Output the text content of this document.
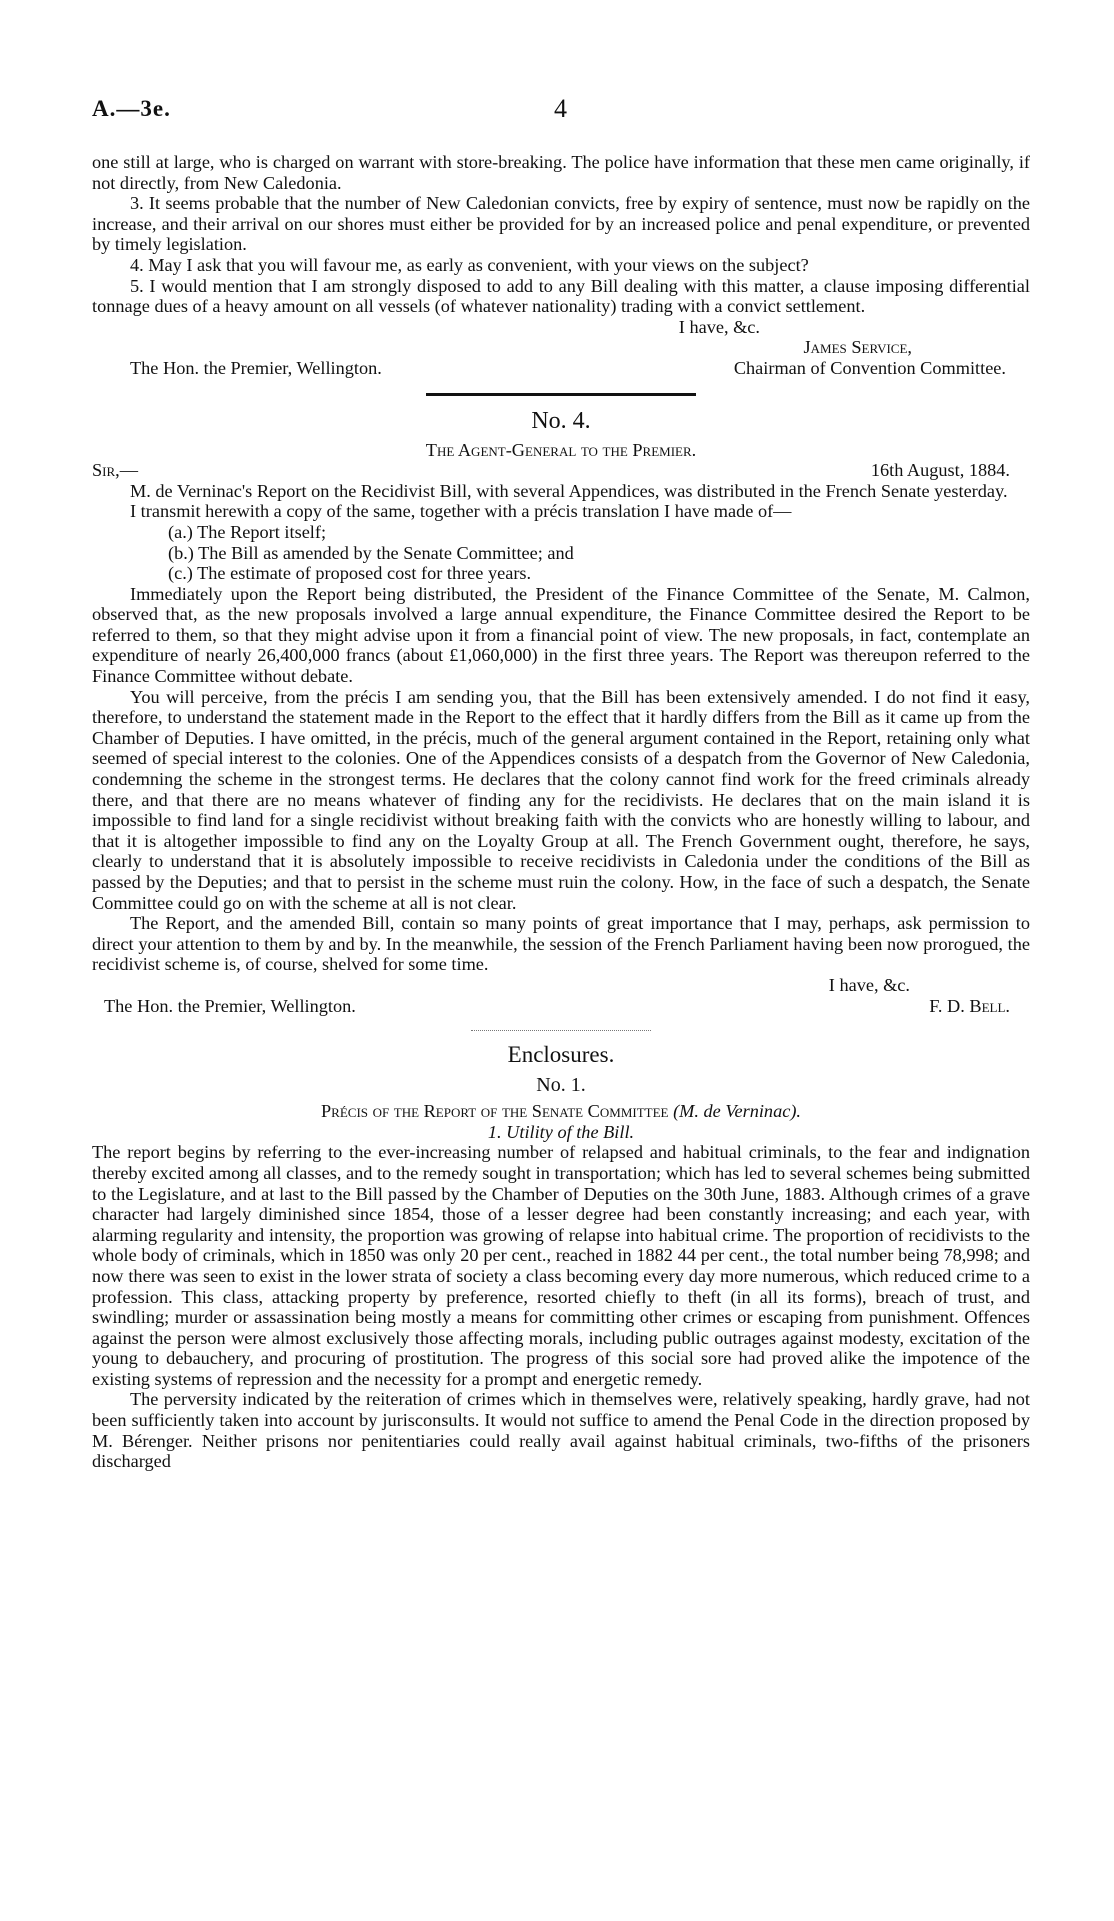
A.—3e.	4

one still at large, who is charged on warrant with store-breaking. The police have information that these men came originally, if not directly, from New Caledonia.

3. It seems probable that the number of New Caledonian convicts, free by expiry of sentence, must now be rapidly on the increase, and their arrival on our shores must either be provided for by an increased police and penal expenditure, or prevented by timely legislation.

4. May I ask that you will favour me, as early as convenient, with your views on the subject?

5. I would mention that I am strongly disposed to add to any Bill dealing with this matter, a clause imposing differential tonnage dues of a heavy amount on all vessels (of whatever nationality) trading with a convict settlement.

I have, &c.
James Service,
The Hon. the Premier, Wellington.	Chairman of Convention Committee.

No. 4.

The Agent-General to the Premier.

Sir,—	16th August, 1884.

M. de Verninac's Report on the Recidivist Bill, with several Appendices, was distributed in the French Senate yesterday.

I transmit herewith a copy of the same, together with a précis translation I have made of—

(a.) The Report itself;

(b.) The Bill as amended by the Senate Committee; and

(c.) The estimate of proposed cost for three years.

Immediately upon the Report being distributed, the President of the Finance Committee of the Senate, M. Calmon, observed that, as the new proposals involved a large annual expenditure, the Finance Committee desired the Report to be referred to them, so that they might advise upon it from a financial point of view. The new proposals, in fact, contemplate an expenditure of nearly 26,400,000 francs (about £1,060,000) in the first three years. The Report was thereupon referred to the Finance Committee without debate.

You will perceive, from the précis I am sending you, that the Bill has been extensively amended. I do not find it easy, therefore, to understand the statement made in the Report to the effect that it hardly differs from the Bill as it came up from the Chamber of Deputies. I have omitted, in the précis, much of the general argument contained in the Report, retaining only what seemed of special interest to the colonies. One of the Appendices consists of a despatch from the Governor of New Caledonia, condemning the scheme in the strongest terms. He declares that the colony cannot find work for the freed criminals already there, and that there are no means whatever of finding any for the recidivists. He declares that on the main island it is impossible to find land for a single recidivist without breaking faith with the convicts who are honestly willing to labour, and that it is altogether impossible to find any on the Loyalty Group at all. The French Government ought, therefore, he says, clearly to understand that it is absolutely impossible to receive recidivists in Caledonia under the conditions of the Bill as passed by the Deputies; and that to persist in the scheme must ruin the colony. How, in the face of such a despatch, the Senate Committee could go on with the scheme at all is not clear.

The Report, and the amended Bill, contain so many points of great importance that I may, perhaps, ask permission to direct your attention to them by and by. In the meanwhile, the session of the French Parliament having been now prorogued, the recidivist scheme is, of course, shelved for some time.

I have, &c.
The Hon. the Premier, Wellington.	F. D. Bell.

Enclosures.

No. 1.

Précis of the Report of the Senate Committee (M. de Verninac).

1. Utility of the Bill.

The report begins by referring to the ever-increasing number of relapsed and habitual criminals, to the fear and indignation thereby excited among all classes, and to the remedy sought in transportation; which has led to several schemes being submitted to the Legislature, and at last to the Bill passed by the Chamber of Deputies on the 30th June, 1883. Although crimes of a grave character had largely diminished since 1854, those of a lesser degree had been constantly increasing; and each year, with alarming regularity and intensity, the proportion was growing of relapse into habitual crime. The proportion of recidivists to the whole body of criminals, which in 1850 was only 20 per cent., reached in 1882 44 per cent., the total number being 78,998; and now there was seen to exist in the lower strata of society a class becoming every day more numerous, which reduced crime to a profession. This class, attacking property by preference, resorted chiefly to theft (in all its forms), breach of trust, and swindling; murder or assassination being mostly a means for committing other crimes or escaping from punishment. Offences against the person were almost exclusively those affecting morals, including public outrages against modesty, excitation of the young to debauchery, and procuring of prostitution. The progress of this social sore had proved alike the impotence of the existing systems of repression and the necessity for a prompt and energetic remedy.

The perversity indicated by the reiteration of crimes which in themselves were, relatively speaking, hardly grave, had not been sufficiently taken into account by jurisconsults. It would not suffice to amend the Penal Code in the direction proposed by M. Bérenger. Neither prisons nor penitentiaries could really avail against habitual criminals, two-fifths of the prisoners discharged
